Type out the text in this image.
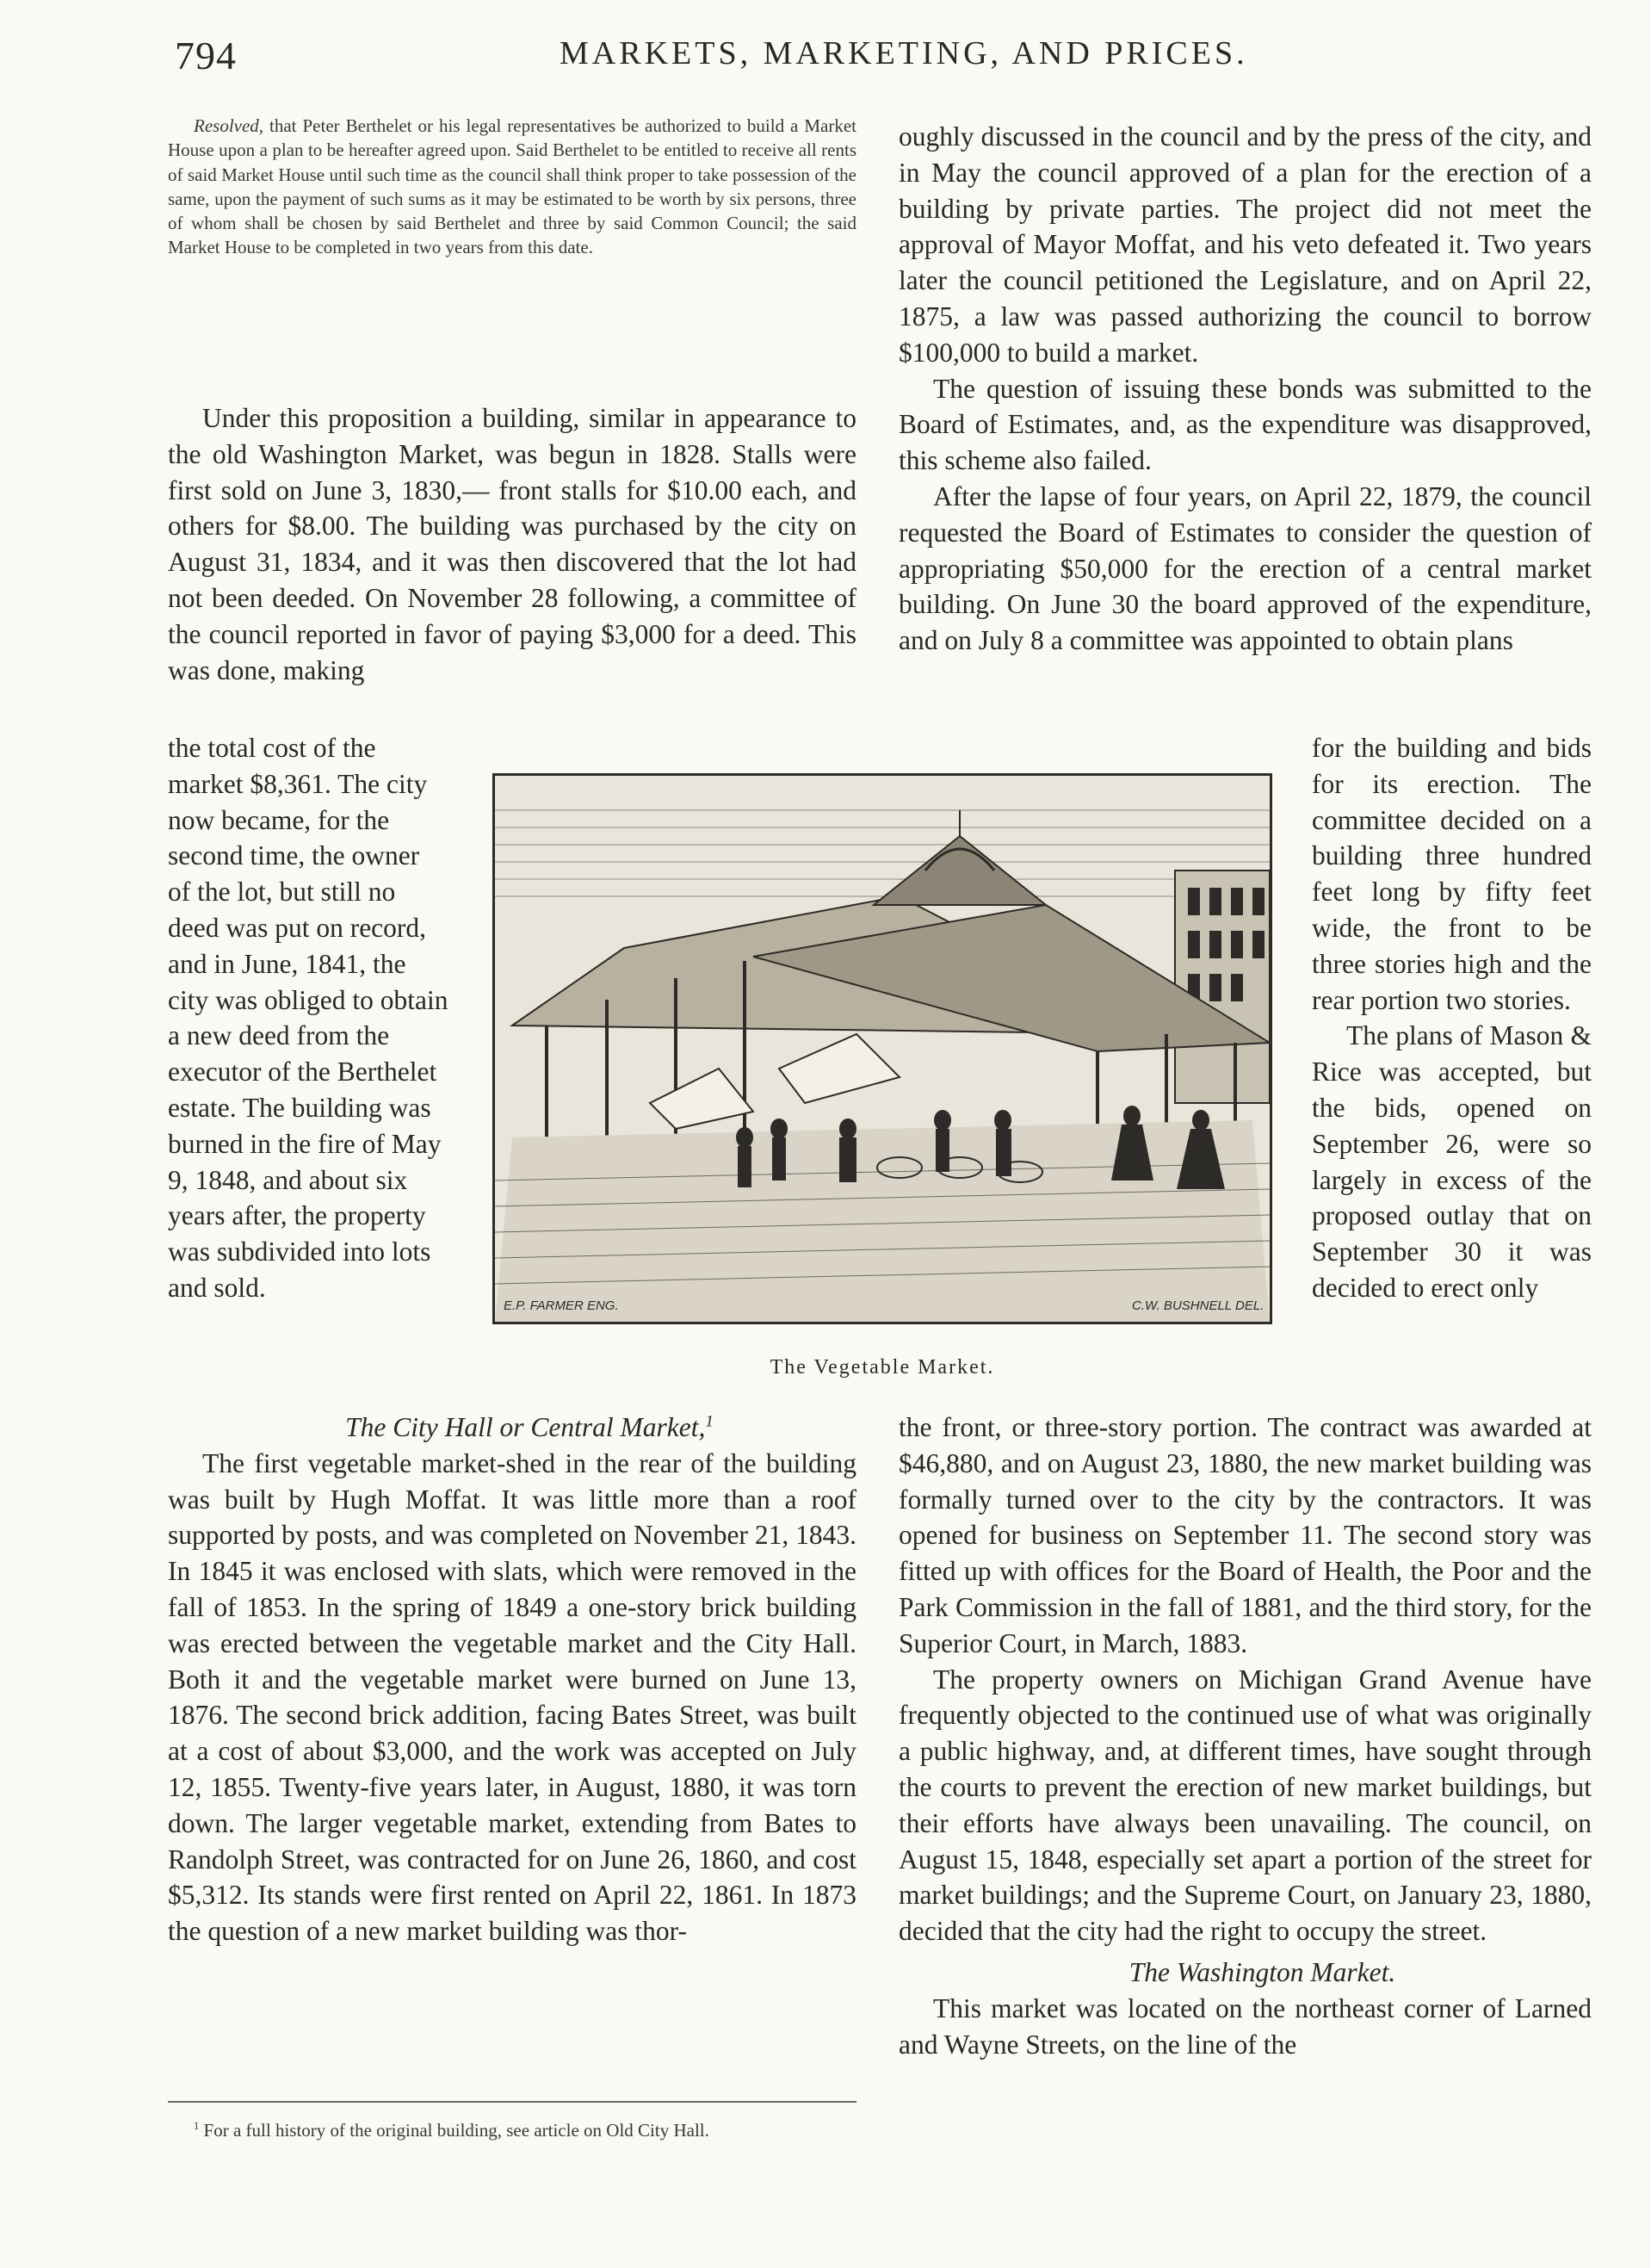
794	MARKETS, MARKETING, AND PRICES.

Resolved, that Peter Berthelet or his legal representatives be authorized to build a Market House upon a plan to be hereafter agreed upon. Said Berthelet to be entitled to receive all rents of said Market House until such time as the council shall think proper to take possession of the same, upon the payment of such sums as it may be estimated to be worth by six persons, three of whom shall be chosen by said Berthelet and three by said Common Council; the said Market House to be completed in two years from this date.

Under this proposition a building, similar in appearance to the old Washington Market, was begun in 1828. Stalls were first sold on June 3, 1830,— front stalls for $10.00 each, and others for $8.00. The building was purchased by the city on August 31, 1834, and it was then discovered that the lot had not been deeded. On November 28 following, a committee of the council reported in favor of paying $3,000 for a deed. This was done, making

the total cost of the market $8,361. The city now became, for the second time, the owner of the lot, but still no deed was put on record, and in June, 1841, the city was obliged to obtain a new deed from the executor of the Berthelet estate. The building was burned in the fire of May 9, 1848, and about six years after, the property was subdivided into lots and sold.

oughly discussed in the council and by the press of the city, and in May the council approved of a plan for the erection of a building by private parties. The project did not meet the approval of Mayor Moffat, and his veto defeated it. Two years later the council petitioned the Legislature, and on April 22, 1875, a law was passed authorizing the council to borrow $100,000 to build a market.

The question of issuing these bonds was submitted to the Board of Estimates, and, as the expenditure was disapproved, this scheme also failed.

After the lapse of four years, on April 22, 1879, the council requested the Board of Estimates to consider the question of appropriating $50,000 for the erection of a central market building. On June 30 the board approved of the expenditure, and on July 8 a committee was appointed to obtain plans

for the building and bids for its erection. The committee decided on a building three hundred feet long by fifty feet wide, the front to be three stories high and the rear portion two stories.

The plans of Mason & Rice was accepted, but the bids, opened on September 26, were so largely in excess of the proposed outlay that on September 30 it was decided to erect only

E.P. FARMER ENG.	C.W. BUSHNELL DEL.
The Vegetable Market.

The City Hall or Central Market,$^1$

The first vegetable market-shed in the rear of the building was built by Hugh Moffat. It was little more than a roof supported by posts, and was completed on November 21, 1843. In 1845 it was enclosed with slats, which were removed in the fall of 1853. In the spring of 1849 a one-story brick building was erected between the vegetable market and the City Hall. Both it and the vegetable market were burned on June 13, 1876. The second brick addition, facing Bates Street, was built at a cost of about $3,000, and the work was accepted on July 12, 1855. Twenty-five years later, in August, 1880, it was torn down. The larger vegetable market, extending from Bates to Randolph Street, was contracted for on June 26, 1860, and cost $5,312. Its stands were first rented on April 22, 1861. In 1873 the question of a new market building was thor-

the front, or three-story portion. The contract was awarded at $46,880, and on August 23, 1880, the new market building was formally turned over to the city by the contractors. It was opened for business on September 11. The second story was fitted up with offices for the Board of Health, the Poor and the Park Commission in the fall of 1881, and the third story, for the Superior Court, in March, 1883.

The property owners on Michigan Grand Avenue have frequently objected to the continued use of what was originally a public highway, and, at different times, have sought through the courts to prevent the erection of new market buildings, but their efforts have always been unavailing. The council, on August 15, 1848, especially set apart a portion of the street for market buildings; and the Supreme Court, on January 23, 1880, decided that the city had the right to occupy the street.

The Washington Market.

This market was located on the northeast corner of Larned and Wayne Streets, on the line of the

$^1$ For a full history of the original building, see article on Old City Hall.
